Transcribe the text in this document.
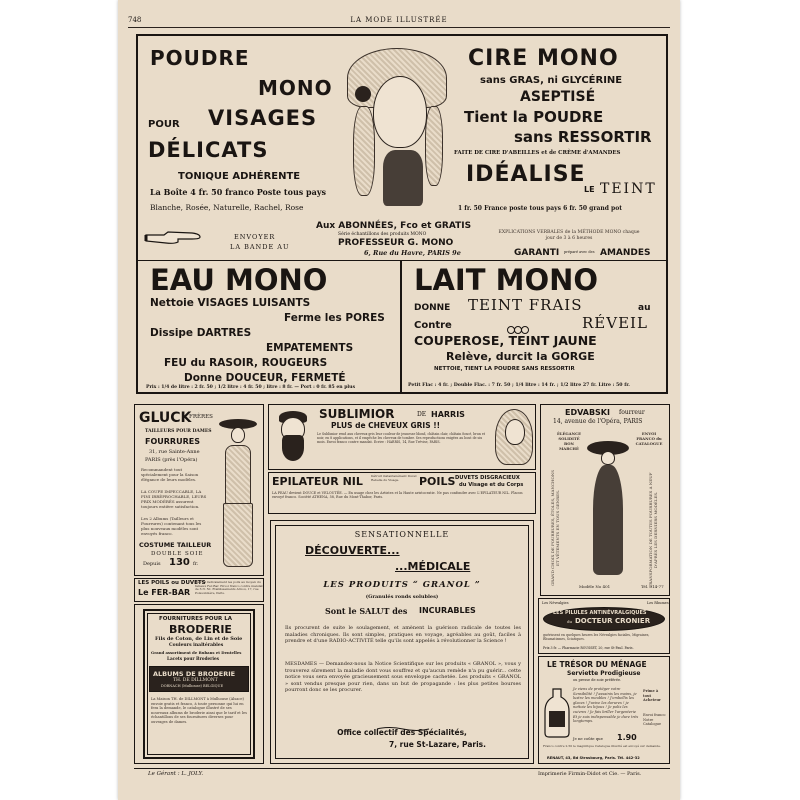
748	LA MODE ILLUSTRÉE
POUDRE
MONO
POUR VISAGES
DÉLICATS
TONIQUE ADHÉRENTE
La Boîte 4 fr. 50 franco Poste tous pays
Blanche, Rosée, Naturelle, Rachel, Rose
CIRE MONO
sans GRAS, ni GLYCÉRINE
ASEPTISÉ
Tient la POUDRE
sans RESSORTIR
FAITE DE CIRE D'ABEILLES et de CRÈME d'AMANDES
IDÉALISE
LE TEINT
1 fr. 50 France poste tous pays 6 fr. 50 grand pot
ENVOYER
LA BANDE AU
Aux ABONNÉES, Fco et GRATIS
Série échantillons des produits MONO
PROFESSEUR G. MONO
6, Rue du Havre, PARIS 9e
EXPLICATIONS VERBALES de la MÉTHODE MONO chaque jour de 3 à 6 heures
GARANTI préparé avec des AMANDES
EAU MONO
Nettoie VISAGES LUISANTS
Ferme les PORES
Dissipe DARTRES
EMPATEMENTS
FEU du RASOIR, ROUGEURS
Donne DOUCEUR, FERMETÉ
Prix : 1/4 de litre : 2 fr. 50 ; 1/2 litre : 4 fr. 50 ; litre : 8 fr. — Port : 0 fr. 85 en plus
LAIT MONO
DONNE TEINT FRAIS	au
Contre	RÉVEIL
COUPEROSE, TEINT JAUNE
Relève, durcit la GORGE
NETTOIE, TIENT LA POUDRE SANS RESSORTIR
Petit Flac : 4 fr. ; Double Flac. : 7 fr. 50 ; 1/4 litre : 14 fr. ; 1/2 litre 27 fr. Litre : 50 fr.
GLUCK
FRÈRES
TAILLEURS POUR DAMES
FOURRURES
31, rue Sainte-Anne
PARIS (près l'Opéra)
Recommandent tout spécialement pour la Saison élégance de leurs modèles.
LA COUPE IMPECCABLE, LA FINI IRRÉPROCHABLE, LEURS PRIX MODÉRÉS assurent toujours entière satisfaction.
Les 2 Albums (Tailleurs et Fourrures) contenant tous les plus nouveaux modèles sont envoyés franco.
COSTUME TAILLEUR
DOUBLE SOIE
Depuis 130 fr.
LES POILS ou DUVETS
Le FER-BAR
Détruit radicalement les poils au moyen du fameux Fer-Bar. Envoi franco contre mandat de 6 fr. 50. Etablissements Arnou, 17, rue Poissonnière, Paris.
SUBLIMIOR	DE HARRIS
PLUS de CHEVEUX GRIS !!
Le Sublimior rend aux cheveux gris leur couleur de jeunesse blond, châtain clair, châtain foncé, brun et noir, en 8 applications, et il empêche les cheveux de tomber. Ses reproductions exigées au bout de six mois. Envoi franco contre mandat. Ecrire : HARRIS, 14, Rue Trévise, PARIS.
EPILATEUR NIL	Détruit instantanément Duvet Rebelle du Visage.	POILS DUVETS DISGRACIEUX
du Visage et du Corps
LA PEAU devient DOUCE et VELOUTÉE. — En usage chez les Artistes et la Haute aristocratie. Ne pas confondre avec L'EPILATEUR NIL. Flacon envoyé franco. Société ATHENA, 58, Rue du Mont-Thabor, Paris.
EDVABSKI fourreur
14, avenue de l'Opéra, PARIS
ÉLÉGANCE SOLIDITÉ BON MARCHÉ
ENVOI FRANCO du CATALOGUE
GRAND CHOIX DE FOURRURES, ÉTOLES, MANCHONS ET VÊTEMENTS EN TOUS GENRES.	TRANSFORMATION DE TOUTES FOURRURES A NEUF D'APRÈS LES DERNIERS MODÈLES.
Modèle No 401	Tél. 314-77
FOURNITURES POUR LA
BRODERIE
Fils de Coton, de Lin et de Soie
Couleurs inaltérables
Grand assortiment de Rubans et Dentelles
Lacets pour Broderies
ALBUMS DE BRODERIE
TH. DE DILLMONT
DORNACH (Mulhouse) BELGIQUE
La Maison TH. de DILLMONT à Mulhouse (Alsace) envoie gratis et franco, à toute personne qui lui en fera la demande, le catalogue illustré de ses nouveaux albums de broderie ainsi que le tarif et les échantillons de ses fournitures diverses pour ouvrages de dames.
SENSATIONNELLE
DÉCOUVERTE...
...MÉDICALE
LES PRODUITS “ GRANOL ”
(Granulés ronds solubles)
Sont le SALUT des INCURABLES
Ils procurent de suite le soulagement, et amènent la guérison radicale de toutes les maladies chroniques. Ils sont simples, pratiques en voyage, agréables au goût, faciles à prendre et d'une RADIO-ACTIVITÉ telle qu'ils sont appelés à révolutionner la Science !
MESDAMES — Demandez-nous la Notice Scientifique sur les produits « GRANOL », vous y trouverez sûrement la maladie dont vous souffrez et qu'aucun remède n'a pu guérir... cette notice vous sera envoyée gracieusement sous enveloppe cachetée. Les produits « GRANOL » sont vendus presque pour rien, dans un but de propagande : les plus petites bourses pourront donc se les procurer.
Office collectif des Spécialités,
7, rue St-Lazare, Paris.
Les Névralgies	Les Rhumes
LES PILULES ANTINÉVRALGIQUES
du DOCTEUR CRONIER
guérissent en quelques heures les Névralgies faciales, Migraines, Rhumatismes, Sciatiques.
Prix 3 fr. — Pharmacie ROUSSET, 20, rue St-Paul. Paris.
LE TRÉSOR DU MÉNAGE
Serviette Prodigieuse
ou presse de soie préférée.
Je viens de protéger votre Sensibilité ! J'assainis les mains, je lustre les meubles ! J'embellis les glaces ! J'avive les dorures ! je nettoie les bijoux ! Je polis les cuivres ! Je fais briller l'argenterie Et je suis indispensable je dure trés longtemps.
Je ne coûte que 1.90
Prime à tout Acheteur
Envoi franco Notre Catalogue
Franco contre 2.50 le magnifique Catalogue illustré est envoyé sur demande.
RENAUT, 43, Bd Strasbourg, Paris. Tél. 442-32
Le Gérant : L. JOLY.	Imprimerie Firmin-Didot et Cie. — Paris.
